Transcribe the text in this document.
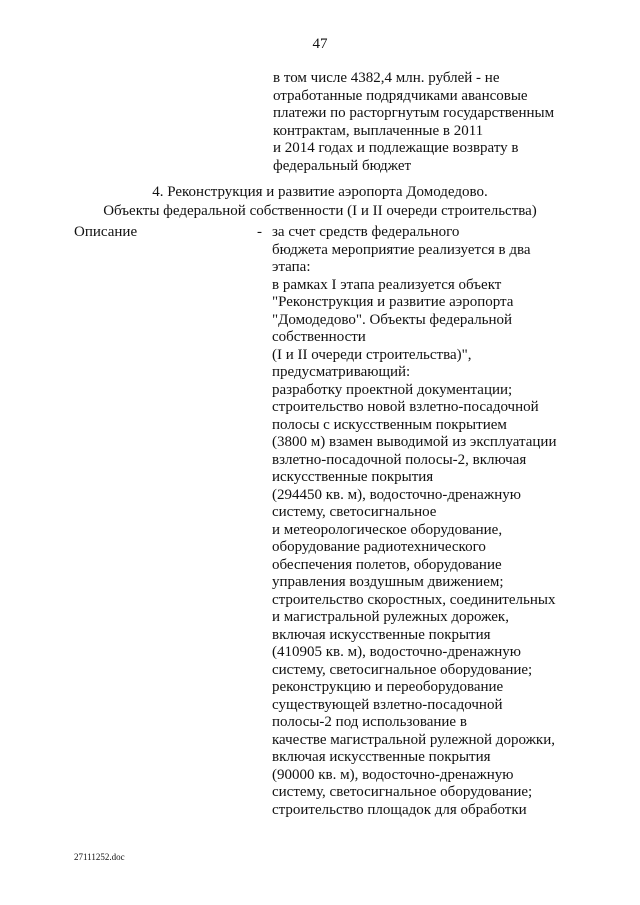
47
в том числе 4382,4 млн. рублей - не
отработанные подрядчиками авансовые
платежи по расторгнутым государственным
контрактам, выплаченные в 2011
и 2014 годах и подлежащие возврату в
федеральный бюджет
4. Реконструкция и развитие аэропорта Домодедово.
Объекты федеральной собственности (I и II очереди строительства)
Описание	- за счет средств федерального
бюджета мероприятие реализуется в два
этапа:
в рамках I этапа реализуется объект
"Реконструкция и развитие аэропорта
"Домодедово". Объекты федеральной
собственности
(I и II очереди строительства)",
предусматривающий:
разработку проектной документации;
строительство новой взлетно-посадочной
полосы с искусственным покрытием
(3800 м) взамен выводимой из эксплуатации
взлетно-посадочной полосы-2, включая
искусственные покрытия
(294450 кв. м), водосточно-дренажную
систему, светосигнальное
и метеорологическое оборудование,
оборудование радиотехнического
обеспечения полетов, оборудование
управления воздушным движением;
строительство скоростных, соединительных
и магистральной рулежных дорожек,
включая искусственные покрытия
(410905 кв. м), водосточно-дренажную
систему, светосигнальное оборудование;
реконструкцию и переоборудование
существующей взлетно-посадочной
полосы-2 под использование в
качестве магистральной рулежной дорожки,
включая искусственные покрытия
(90000 кв. м), водосточно-дренажную
систему, светосигнальное оборудование;
строительство площадок для обработки
27111252.doc
